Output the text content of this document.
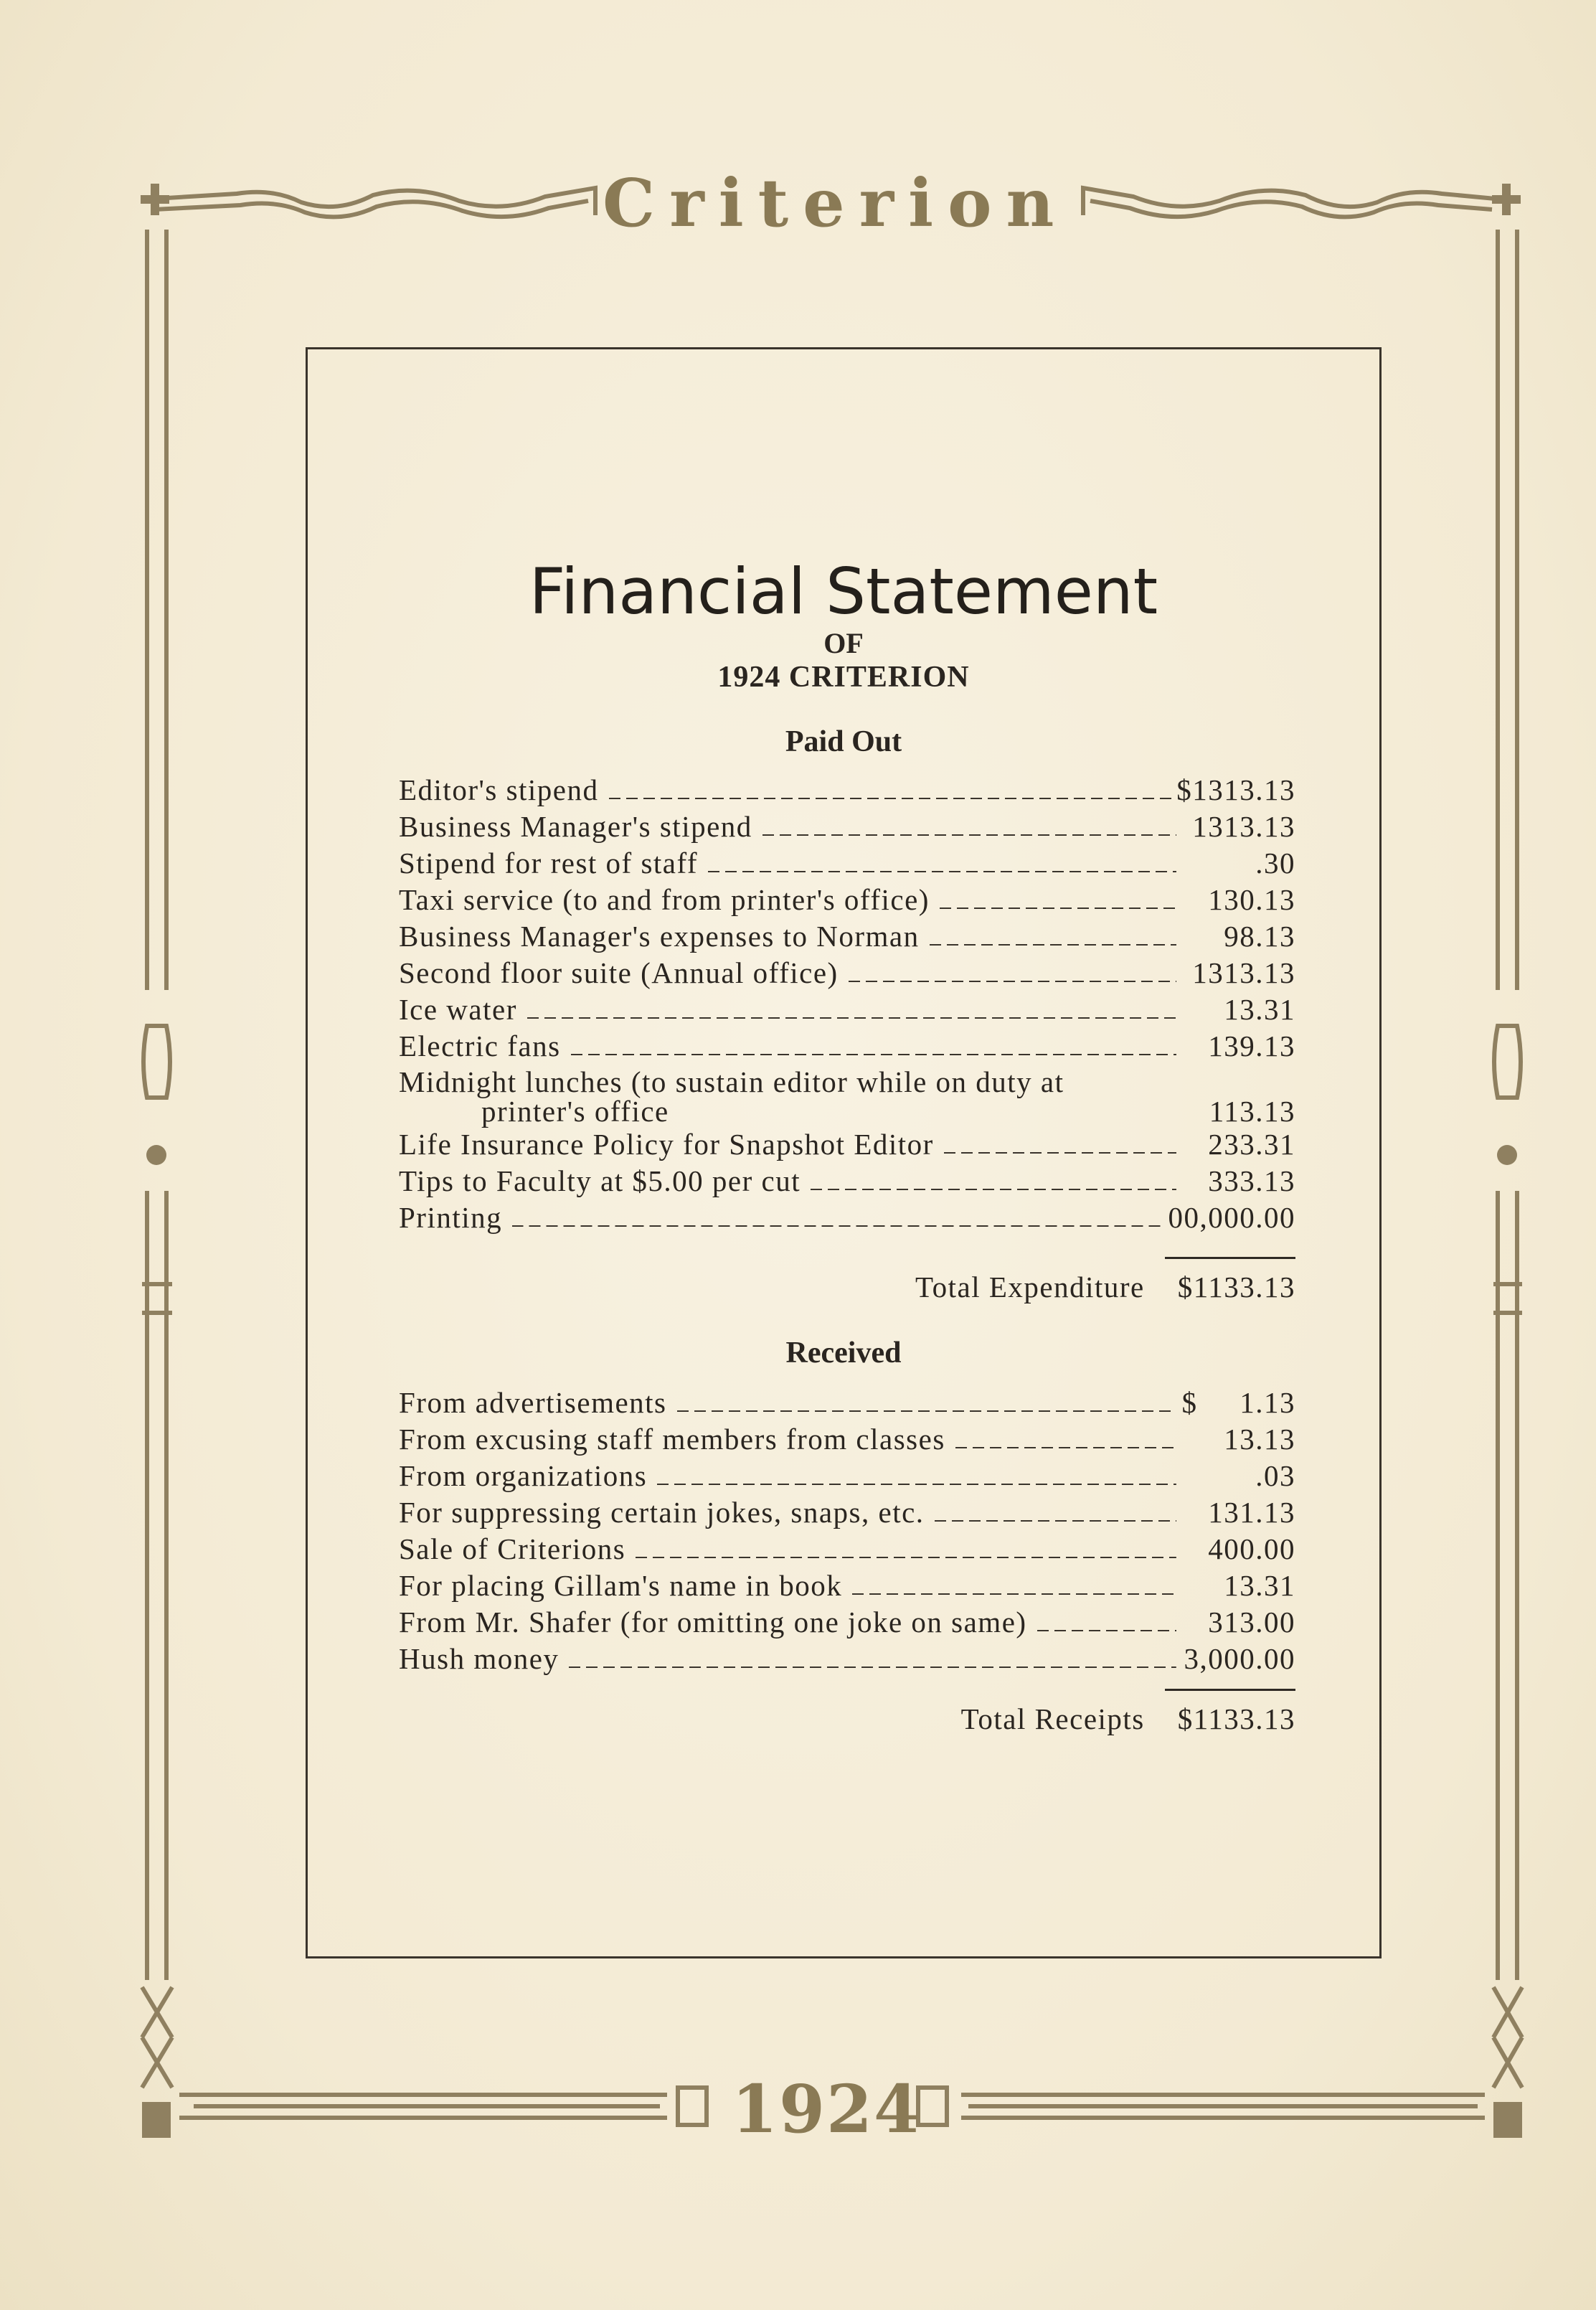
Criterion
1924
Financial Statement
OF
1924 CRITERION
Paid Out
Editor's stipend	$1313.13
Business Manager's stipend	1313.13
Stipend for rest of staff	.30
Taxi service (to and from printer's office)	130.13
Business Manager's expenses to Norman	98.13
Second floor suite (Annual office)	1313.13
Ice water	13.31
Electric fans	139.13
Midnight lunches (to sustain editor while on duty at
printer's office	113.13
Life Insurance Policy for Snapshot Editor	233.31
Tips to Faculty at $5.00 per cut	333.13
Printing	00,000.00
Total Expenditure $1133.13
Received
From advertisements	$     1.13
From excusing staff members from classes	13.13
From organizations	.03
For suppressing certain jokes, snaps, etc.	131.13
Sale of Criterions	400.00
For placing Gillam's name in book	13.31
From Mr. Shafer (for omitting one joke on same)	313.00
Hush money	3,000.00
Total Receipts $1133.13
